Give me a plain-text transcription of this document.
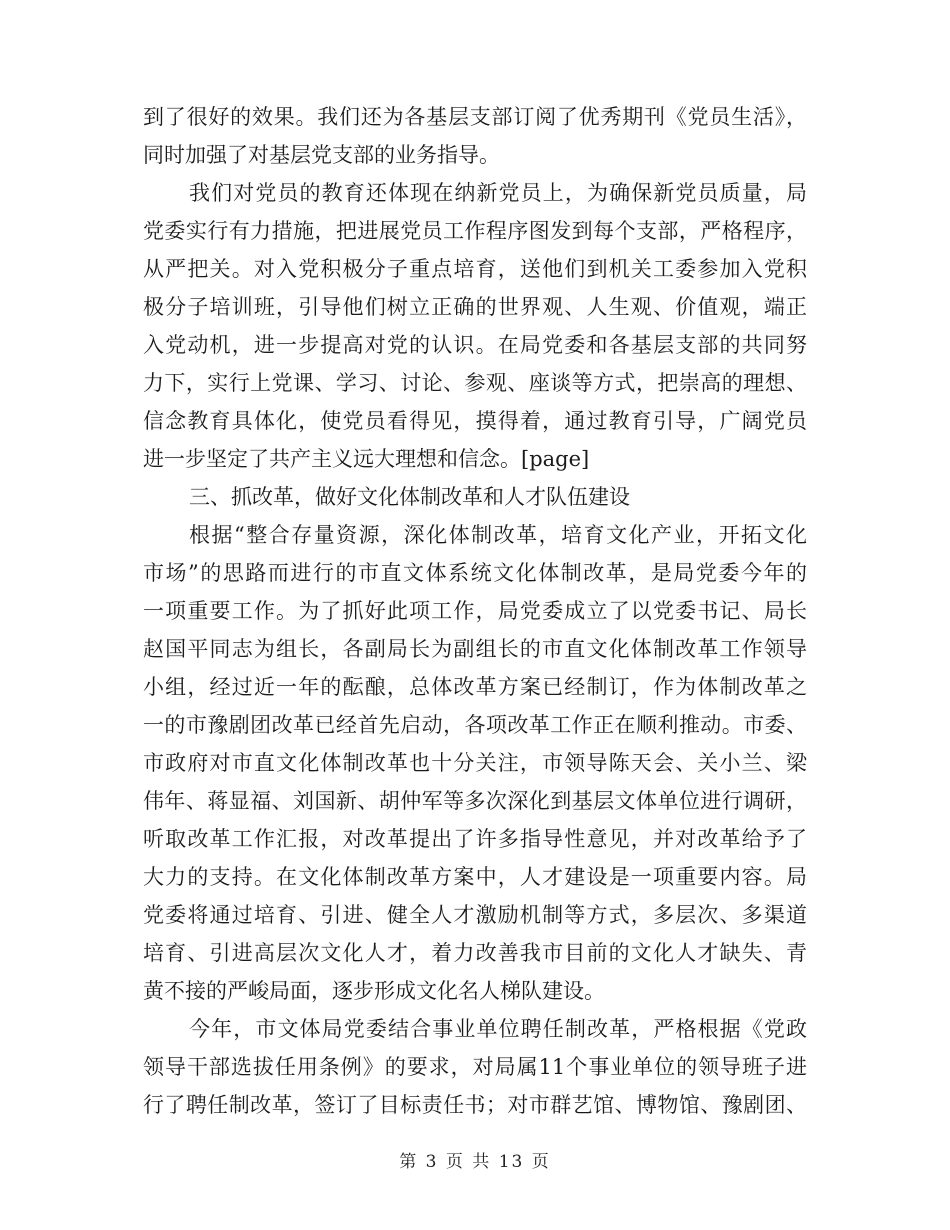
到了很好的效果。我们还为各基层支部订阅了优秀期刊《党员生活》，
同时加强了对基层党支部的业务指导。
我们对党员的教育还体现在纳新党员上，为确保新党员质量，局
党委实行有力措施，把进展党员工作程序图发到每个支部，严格程序，
从严把关。对入党积极分子重点培育，送他们到机关工委参加入党积
极分子培训班，引导他们树立正确的世界观、人生观、价值观，端正
入党动机，进一步提高对党的认识。在局党委和各基层支部的共同努
力下，实行上党课、学习、讨论、参观、座谈等方式，把崇高的理想、
信念教育具体化，使党员看得见，摸得着，通过教育引导，广阔党员
进一步坚定了共产主义远大理想和信念。[page]
三、抓改革，做好文化体制改革和人才队伍建设
根据“整合存量资源，深化体制改革，培育文化产业，开拓文化
市场”的思路而进行的市直文体系统文化体制改革，是局党委今年的
一项重要工作。为了抓好此项工作，局党委成立了以党委书记、局长
赵国平同志为组长，各副局长为副组长的市直文化体制改革工作领导
小组，经过近一年的酝酿，总体改革方案已经制订，作为体制改革之
一的市豫剧团改革已经首先启动，各项改革工作正在顺利推动。市委、
市政府对市直文化体制改革也十分关注，市领导陈天会、关小兰、梁
伟年、蒋显福、刘国新、胡仲军等多次深化到基层文体单位进行调研，
听取改革工作汇报，对改革提出了许多指导性意见，并对改革给予了
大力的支持。在文化体制改革方案中，人才建设是一项重要内容。局
党委将通过培育、引进、健全人才激励机制等方式，多层次、多渠道
培育、引进高层次文化人才，着力改善我市目前的文化人才缺失、青
黄不接的严峻局面，逐步形成文化名人梯队建设。
今年，市文体局党委结合事业单位聘任制改革，严格根据《党政
领导干部选拔任用条例》的要求，对局属11个事业单位的领导班子进
行了聘任制改革，签订了目标责任书；对市群艺馆、博物馆、豫剧团、
第 3 页 共 13 页
